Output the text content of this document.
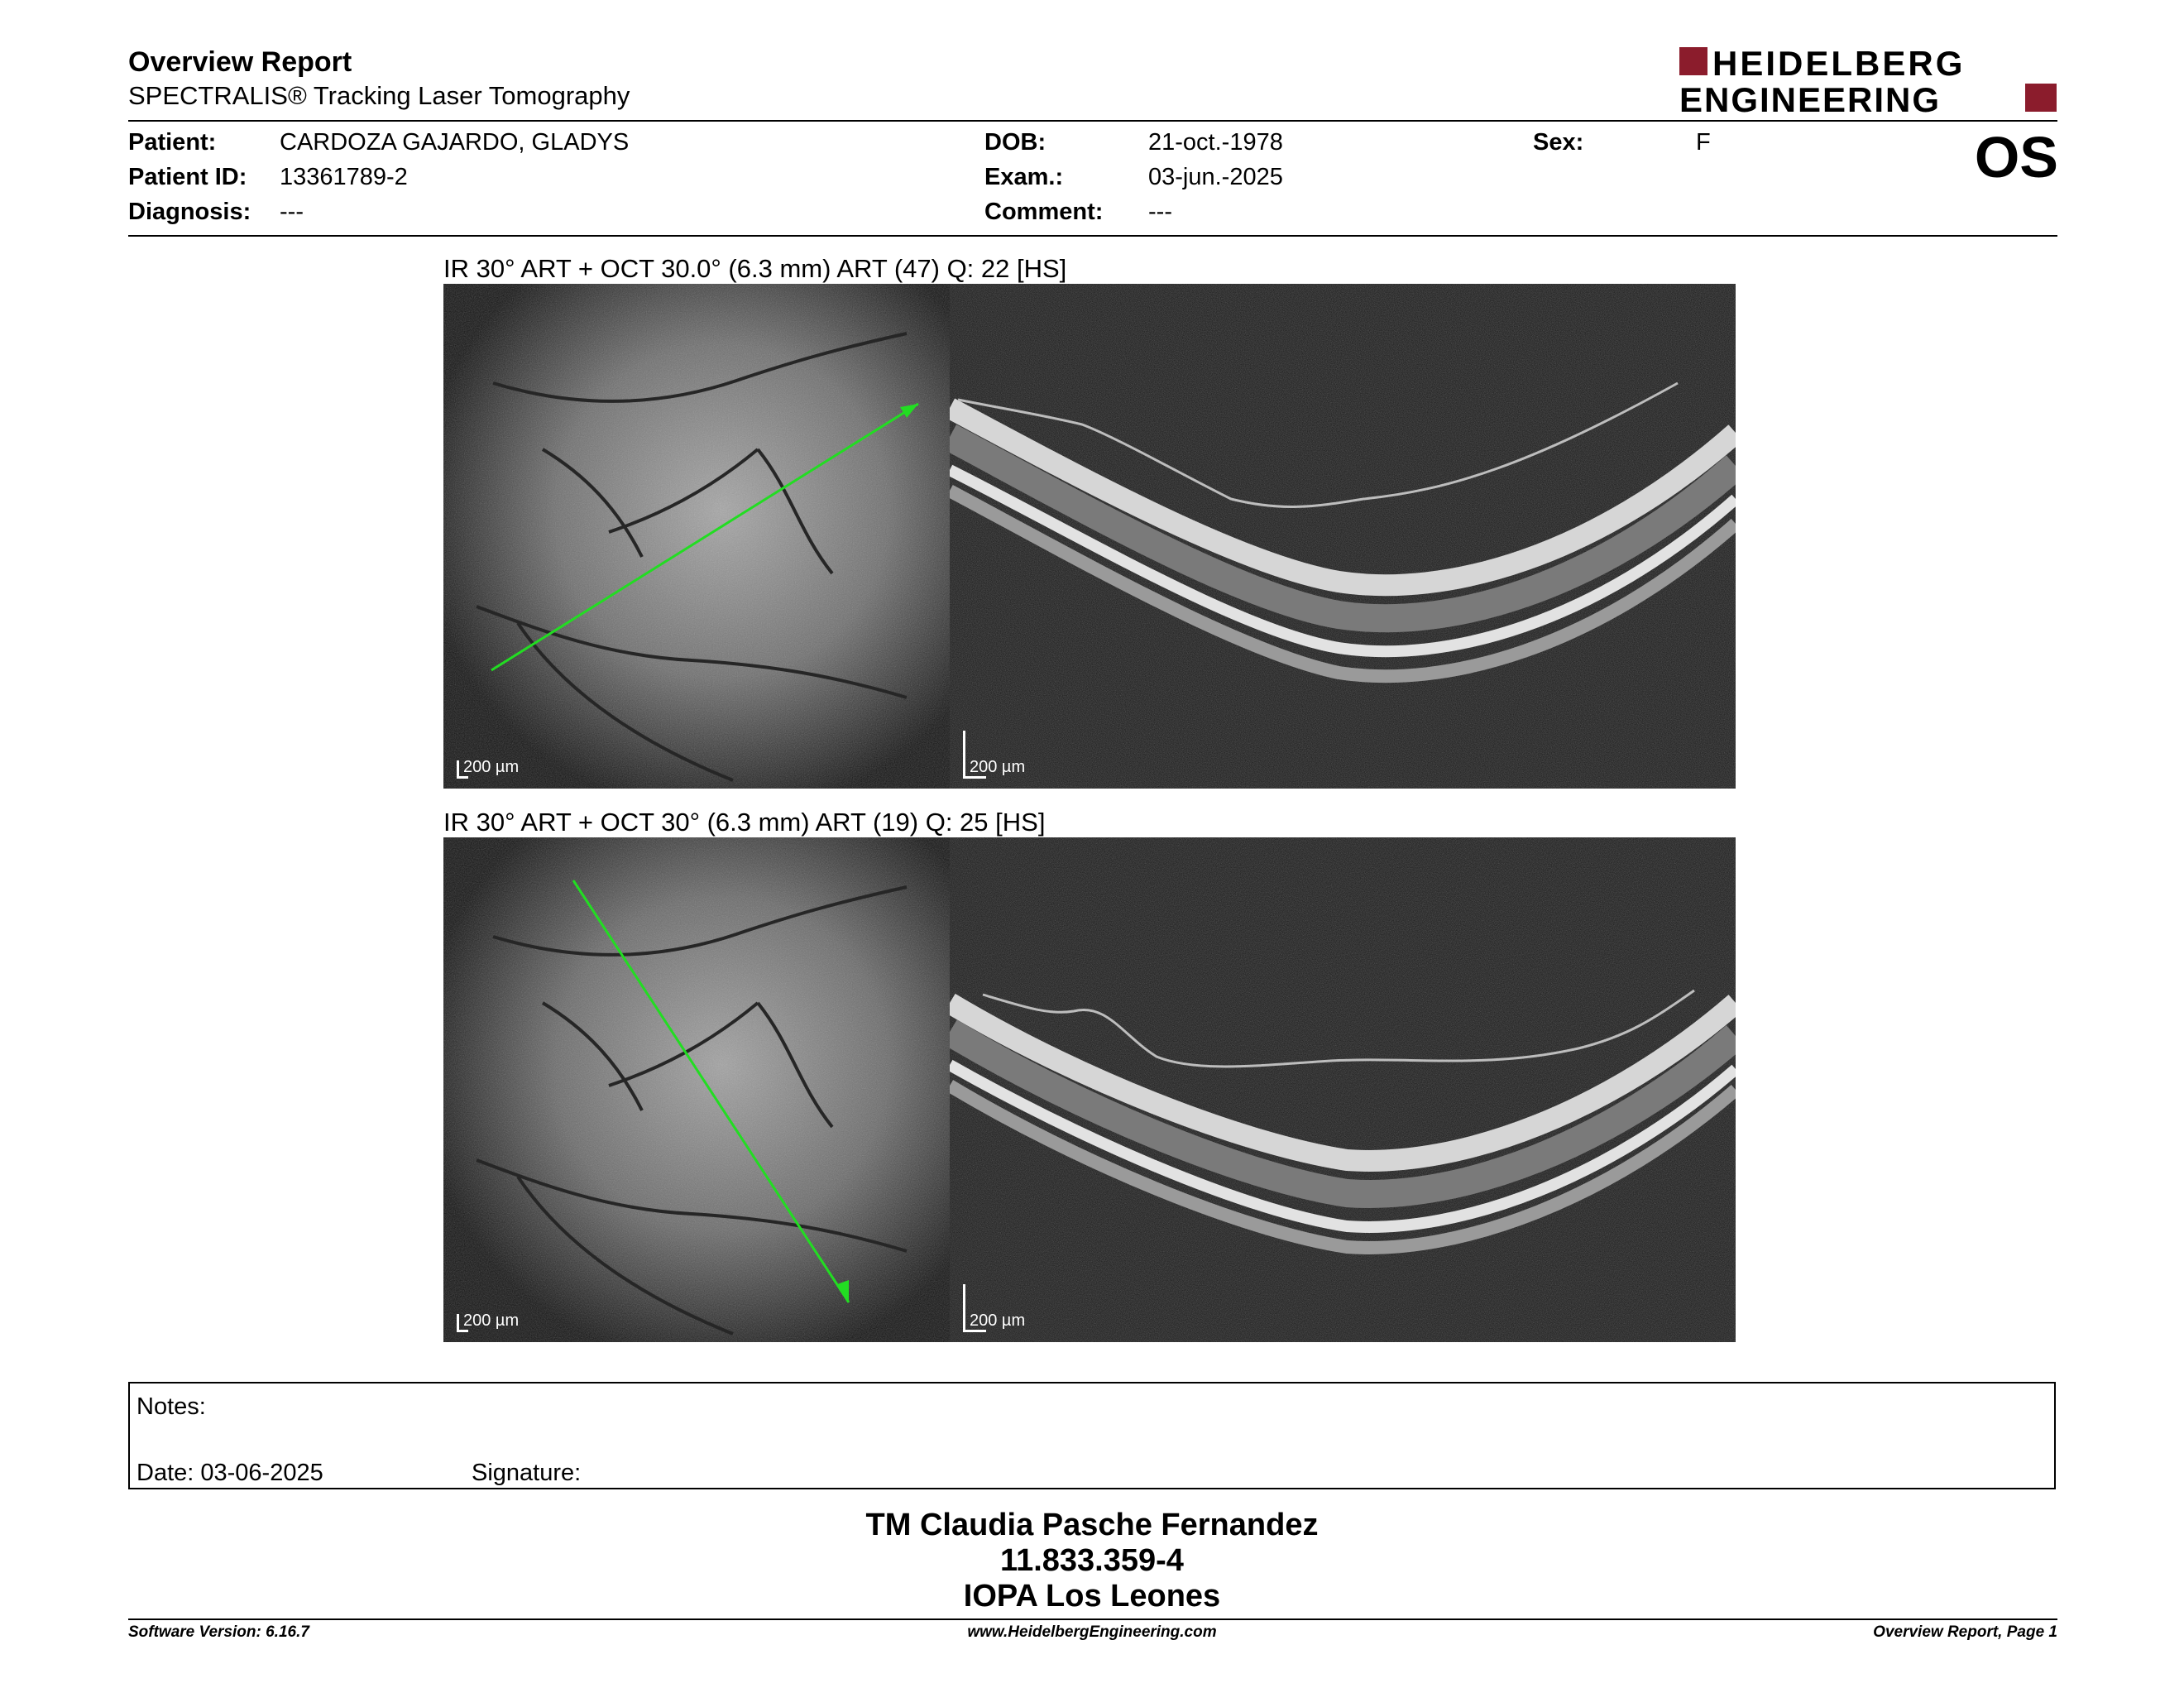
Overview Report
SPECTRALIS® Tracking Laser Tomography
HEIDELBERG
ENGINEERING
Patient:	CARDOZA GAJARDO, GLADYS
Patient ID: 13361789-2
Diagnosis: ---
DOB:	21-oct.-1978
Exam.:	03-jun.-2025
Comment: ---
Sex:	F	OS
IR 30° ART + OCT 30.0° (6.3 mm) ART (47) Q: 22 [HS]
200 µm	200 µm
IR 30° ART + OCT 30° (6.3 mm) ART (19) Q: 25 [HS]
200 µm	200 µm
Notes:
Date: 03-06-2025	Signature:
TM Claudia Pasche Fernandez
11.833.359-4
IOPA Los Leones
Software Version: 6.16.7	www.HeidelbergEngineering.com	Overview Report, Page 1
